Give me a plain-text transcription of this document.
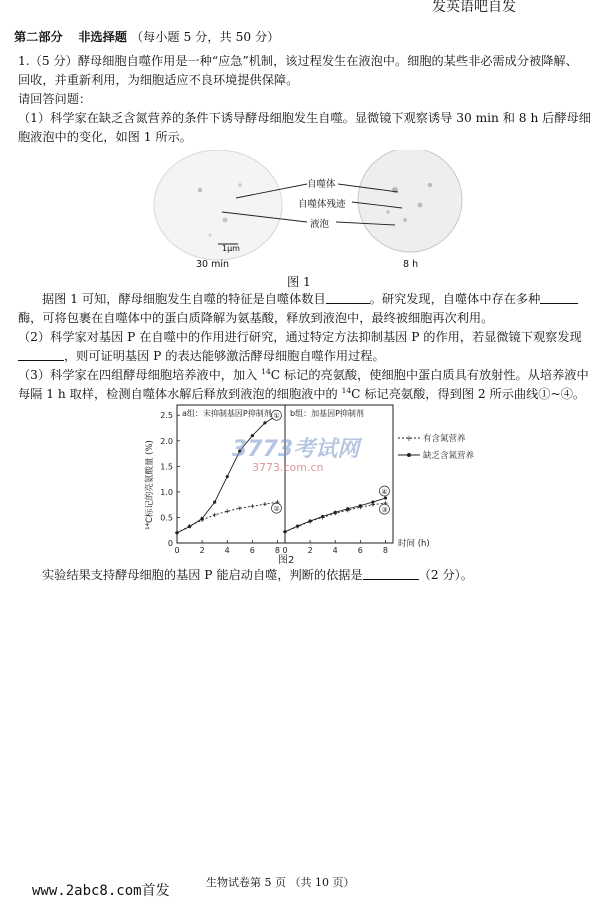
发英语吧自发
第二部分 非选择题 （每小题 5 分，共 50 分）
1.（5 分）酵母细胞自噬作用是一种“应急”机制，该过程发生在液泡中。细胞的某些非必需成分被降解、
回收，并重新利用，为细胞适应不良环境提供保障。
请回答问题：
（1）科学家在缺乏含氮营养的条件下诱导酵母细胞发生自噬。显微镜下观察诱导 30 min 和 8 h 后酵母细
胞液泡中的变化，如图 1 所示。
自噬体
自噬体残迹
液泡
1μm
30 min	8 h
图 1
据图 1 可知，酵母细胞发生自噬的特征是自噬体数目	。研究发现，自噬体中存在多种
酶，可将包裹在自噬体中的蛋白质降解为氨基酸，释放到液泡中，最终被细胞再次利用。
（2）科学家对基因 P 在自噬中的作用进行研究，通过特定方法抑制基因 P 的作用，若显微镜下观察发现
，则可证明基因 P 的表达能够激活酵母细胞自噬作用过程。
（3）科学家在四组酵母细胞培养液中，加入 $^{14}$C 标记的亮氨酸，使细胞中蛋白质具有放射性。从培养液中
每隔 1 h 取样，检测自噬体水解后释放到液泡的细胞液中的 $^{14}$C 标记亮氨酸，得到图 2 所示曲线①~④。
a组：未抑制基因P抑制剂 b组：加基因P抑制剂
¹⁴C标记的亮氨酸量 (%)
时间 (h)
图2
0
0.5
1.0
1.5
2.0
2.5
0	2	4	6	8 0	2	4	6	8
①
②
④
③
+ 有含氮营养
缺乏含氮营养
3773考试网
3773.com.cn
实验结果支持酵母细胞的基因 P 能启动自噬，判断的依据是	（2 分）。
www.2abc8.com首发
生物试卷第 5 页 （共 10 页）
